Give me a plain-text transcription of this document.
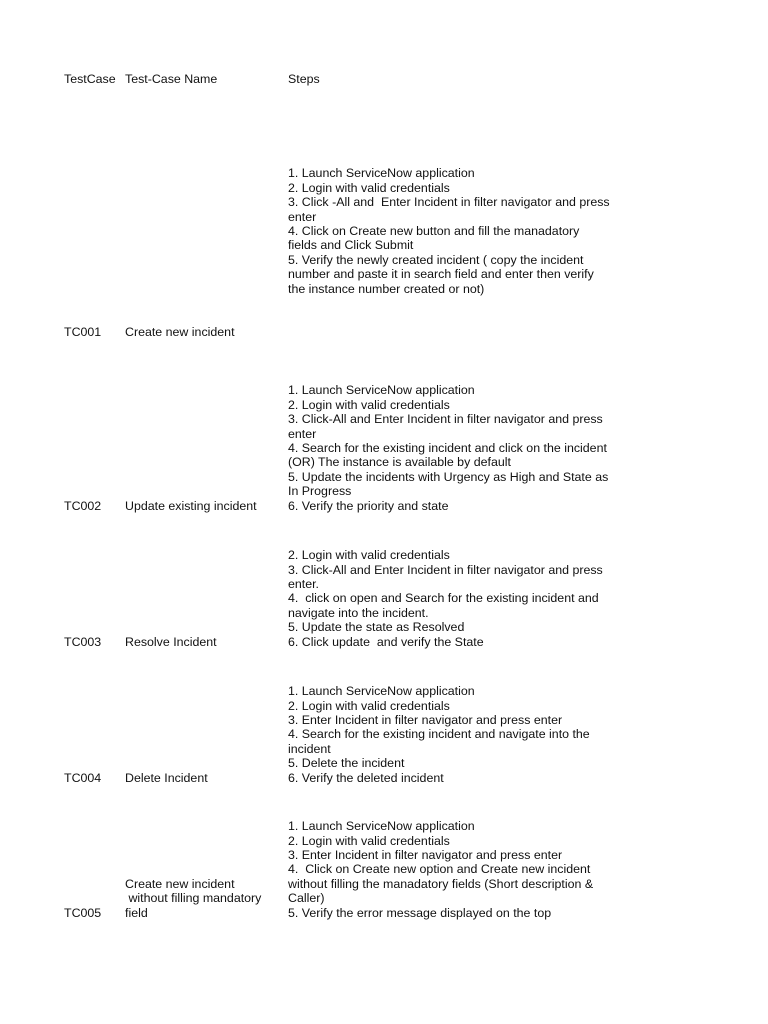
TestCase Test-Case Name	Steps
TC001 Create new incident
1. Launch ServiceNow application
2. Login with valid credentials
3. Click -All and  Enter Incident in filter navigator and press
enter
4. Click on Create new button and fill the manadatory
fields and Click Submit
5. Verify the newly created incident ( copy the incident
number and paste it in search field and enter then verify
the instance number created or not)
TC002 Update existing incident
1. Launch ServiceNow application
2. Login with valid credentials
3. Click-All and Enter Incident in filter navigator and press
enter
4. Search for the existing incident and click on the incident
(OR) The instance is available by default
5. Update the incidents with Urgency as High and State as
In Progress
6. Verify the priority and state
TC003 Resolve Incident
2. Login with valid credentials
3. Click-All and Enter Incident in filter navigator and press
enter.
4.  click on open and Search for the existing incident and
navigate into the incident.
5. Update the state as Resolved
6. Click update  and verify the State
TC004 Delete Incident
1. Launch ServiceNow application
2. Login with valid credentials
3. Enter Incident in filter navigator and press enter
4. Search for the existing incident and navigate into the
incident
5. Delete the incident
6. Verify the deleted incident
TC005
Create new incident
without filling mandatory
field
1. Launch ServiceNow application
2. Login with valid credentials
3. Enter Incident in filter navigator and press enter
4.  Click on Create new option and Create new incident
without filling the manadatory fields (Short description &
Caller)
5. Verify the error message displayed on the top
